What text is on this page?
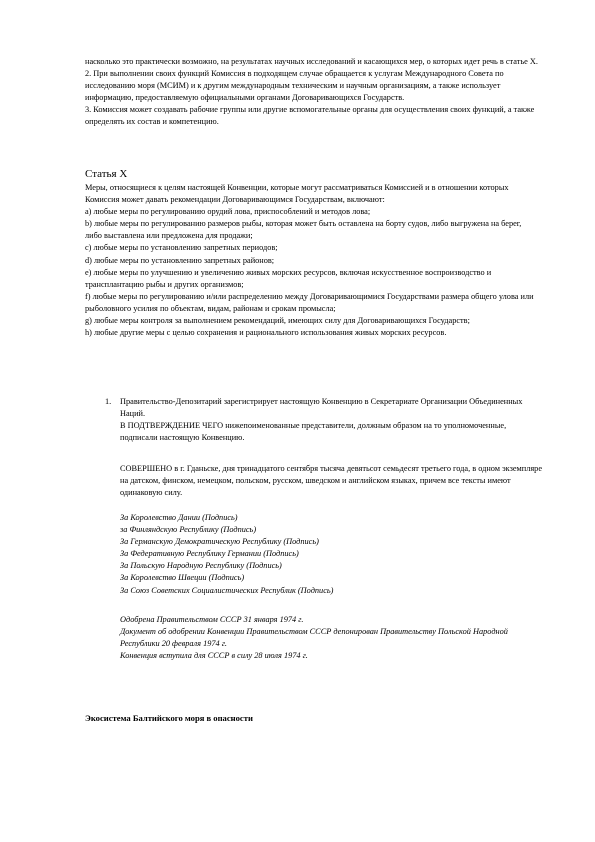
насколько это практически возможно, на результатах научных исследований и касающихся мер, о которых идет речь в статье X.

2. При выполнении своих функций Комиссия в подходящем случае обращается к услугам Международного Совета по исследованию моря (МСИМ) и к другим международным техническим и научным организациям, а также использует информацию, предоставляемую официальными органами Договаривающихся Государств.

3. Комиссия может создавать рабочие группы или другие вспомогательные органы для осуществления своих функций, а также определять их состав и компетенцию.

Статья X

Меры, относящиеся к целям настоящей Конвенции, которые могут рассматриваться Комиссией и в отношении которых Комиссия может давать рекомендации Договаривающимся Государствам, включают:

a) любые меры по регулированию орудий лова, приспособлений и методов лова;

b) любые меры по регулированию размеров рыбы, которая может быть оставлена на борту судов, либо выгружена на берег, либо выставлена или предложена для продажи;

c) любые меры по установлению запретных периодов;

d) любые меры по установлению запретных районов;

e) любые меры по улучшению и увеличению живых морских ресурсов, включая искусственное воспроизводство и трансплантацию рыбы и других организмов;

f) любые меры по регулированию и/или распределению между Договаривающимися Государствами размера общего улова или рыболовного усилия по объектам, видам, районам и срокам промысла;

g) любые меры контроля за выполнением рекомендаций, имеющих силу для Договаривающихся Государств;

h) любые другие меры с целью сохранения и рационального использования живых морских ресурсов.

1. Правительство-Депозитарий зарегистрирует настоящую Конвенцию в Секретариате Организации Объединенных Наций.

В ПОДТВЕРЖДЕНИЕ ЧЕГО нижепоименованные представители, должным образом на то уполномоченные, подписали настоящую Конвенцию.

СОВЕРШЕНО в г. Гданьске, дня тринадцатого сентября тысяча девятьсот семьдесят третьего года, в одном экземпляре на датском, финском, немецком, польском, русском, шведском и английском языках, причем все тексты имеют одинаковую силу.
За Королевство Дании (Подпись)
за Финляндскую Республику (Подпись)
За Германскую Демократическую Республику (Подпись)
За Федеративную Республику Германии (Подпись)
За Польскую Народную Республику (Подпись)
За Королевство Швеции (Подпись)
За Союз Советских Социалистических Республик (Подпись)
Одобрена Правительством СССР 31 января 1974 г.
Документ об одобрении Конвенции Правительством СССР депонирован Правительству Польской Народной Республики 20 февраля 1974 г.
Конвенция вступила для СССР в силу 28 июля 1974 г.
Экосистема Балтийского моря в опасности
